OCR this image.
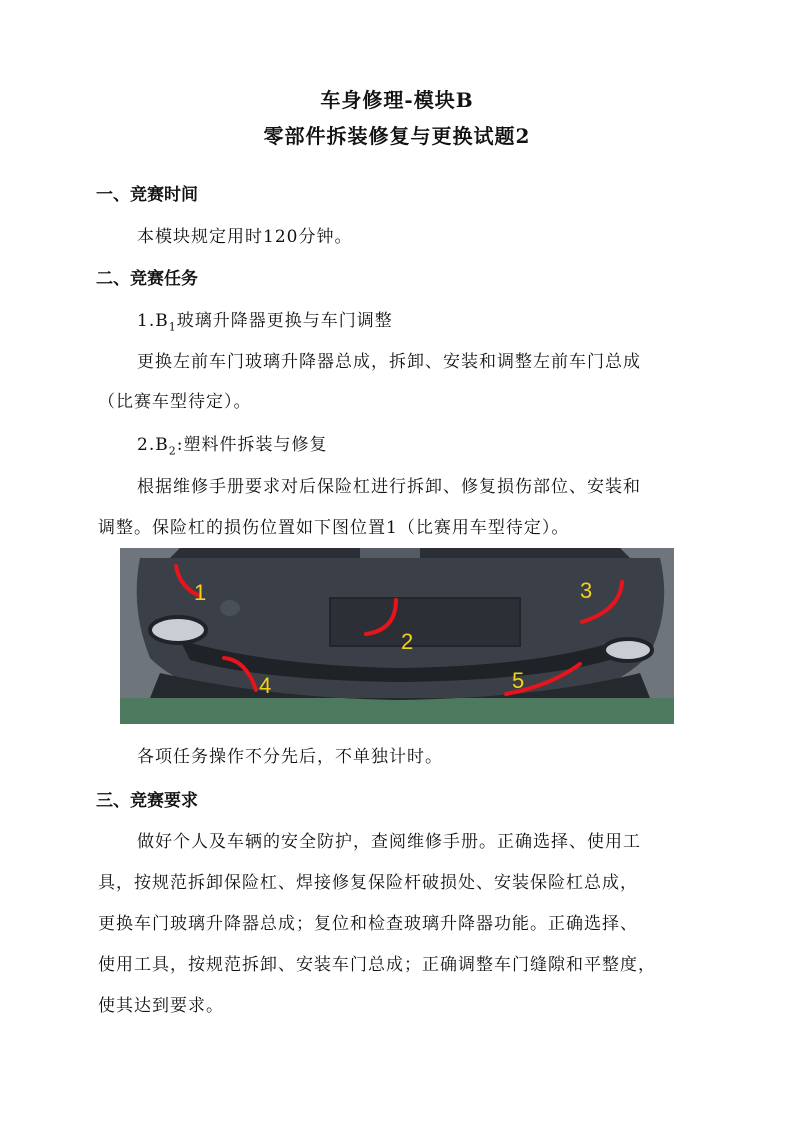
车身修理-模块B
零部件拆装修复与更换试题2
一、竞赛时间
本模块规定用时120分钟。
二、竞赛任务
$1.B_1$玻璃升降器更换与车门调整
更换左前车门玻璃升降器总成，拆卸、安装和调整左前车门总成
（比赛车型待定）。
$2.B_2$:塑料件拆装与修复
根据维修手册要求对后保险杠进行拆卸、修复损伤部位、安装和
调整。保险杠的损伤位置如下图位置1（比赛用车型待定）。
1
2
3
4	5
各项任务操作不分先后，不单独计时。
三、竞赛要求
做好个人及车辆的安全防护，查阅维修手册。正确选择、使用工
具，按规范拆卸保险杠、焊接修复保险杆破损处、安装保险杠总成，
更换车门玻璃升降器总成；复位和检查玻璃升降器功能。正确选择、
使用工具，按规范拆卸、安装车门总成；正确调整车门缝隙和平整度，
使其达到要求。
